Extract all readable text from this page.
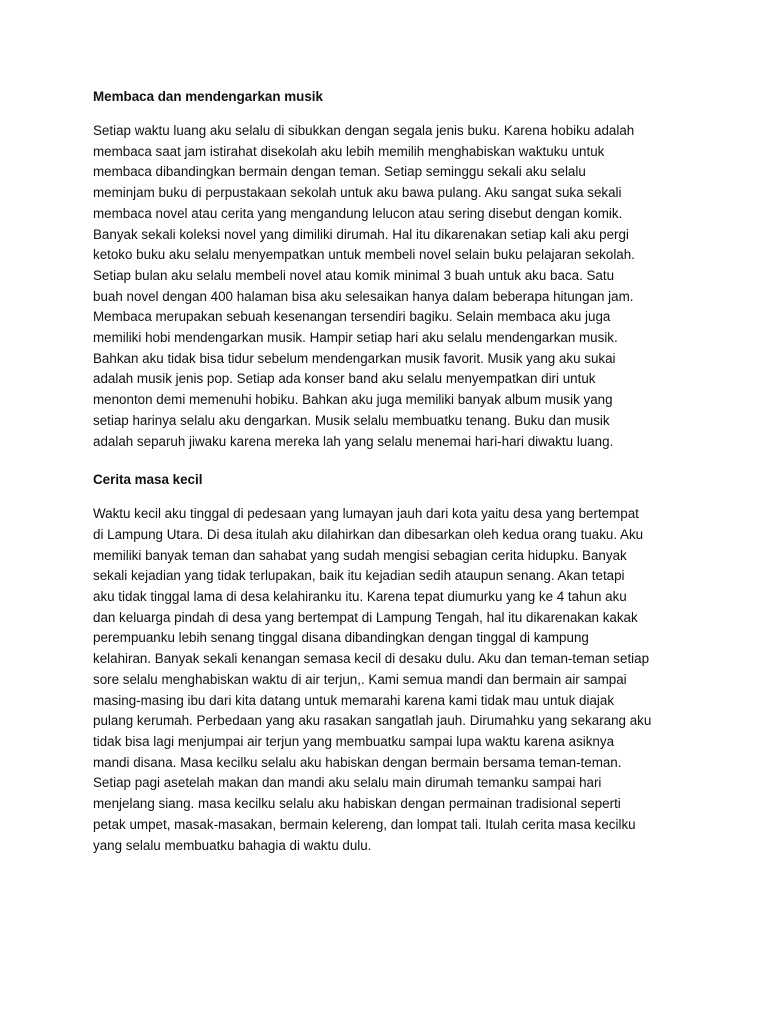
Membaca dan mendengarkan musik
Setiap waktu luang aku selalu di sibukkan dengan segala jenis buku. Karena hobiku adalah
membaca saat jam istirahat disekolah aku lebih memilih menghabiskan waktuku untuk
membaca dibandingkan bermain dengan teman. Setiap seminggu sekali aku selalu
meminjam buku di perpustakaan sekolah untuk aku bawa pulang. Aku sangat suka sekali
membaca novel atau cerita yang mengandung lelucon atau sering disebut dengan komik.
Banyak sekali koleksi novel yang dimiliki dirumah. Hal itu dikarenakan setiap kali aku pergi
ketoko buku aku selalu menyempatkan untuk membeli novel selain buku pelajaran sekolah.
Setiap bulan aku selalu membeli novel atau komik minimal 3 buah untuk aku baca. Satu
buah novel dengan 400 halaman bisa aku selesaikan hanya dalam beberapa hitungan jam.
Membaca merupakan sebuah kesenangan tersendiri bagiku. Selain membaca aku juga
memiliki hobi mendengarkan musik. Hampir setiap hari aku selalu mendengarkan musik.
Bahkan aku tidak bisa tidur sebelum mendengarkan musik favorit. Musik yang aku sukai
adalah musik jenis pop. Setiap ada konser band aku selalu menyempatkan diri untuk
menonton demi memenuhi hobiku. Bahkan aku juga memiliki banyak album musik yang
setiap harinya selalu aku dengarkan. Musik selalu membuatku tenang. Buku dan musik
adalah separuh jiwaku karena mereka lah yang selalu menemai hari-hari diwaktu luang.
Cerita masa kecil
Waktu kecil aku tinggal di pedesaan yang lumayan jauh dari kota yaitu desa yang bertempat
di Lampung Utara. Di desa itulah aku dilahirkan dan dibesarkan oleh kedua orang tuaku. Aku
memiliki banyak teman dan sahabat yang sudah mengisi sebagian cerita hidupku. Banyak
sekali kejadian yang tidak terlupakan, baik itu kejadian sedih ataupun senang. Akan tetapi
aku tidak tinggal lama di desa kelahiranku itu. Karena tepat diumurku yang ke 4 tahun aku
dan keluarga pindah di desa yang bertempat di Lampung Tengah, hal itu dikarenakan kakak
perempuanku lebih senang tinggal disana dibandingkan dengan tinggal di kampung
kelahiran. Banyak sekali kenangan semasa kecil di desaku dulu. Aku dan teman-teman setiap
sore selalu menghabiskan waktu di air terjun,. Kami semua mandi dan bermain air sampai
masing-masing ibu dari kita datang untuk memarahi karena kami tidak mau untuk diajak
pulang kerumah. Perbedaan yang aku rasakan sangatlah jauh. Dirumahku yang sekarang aku
tidak bisa lagi menjumpai air terjun yang membuatku sampai lupa waktu karena asiknya
mandi disana. Masa kecilku selalu aku habiskan dengan bermain bersama teman-teman.
Setiap pagi asetelah makan dan mandi aku selalu main dirumah temanku sampai hari
menjelang siang. masa kecilku selalu aku habiskan dengan permainan tradisional seperti
petak umpet, masak-masakan, bermain kelereng, dan lompat tali. Itulah cerita masa kecilku
yang selalu membuatku bahagia di waktu dulu.
